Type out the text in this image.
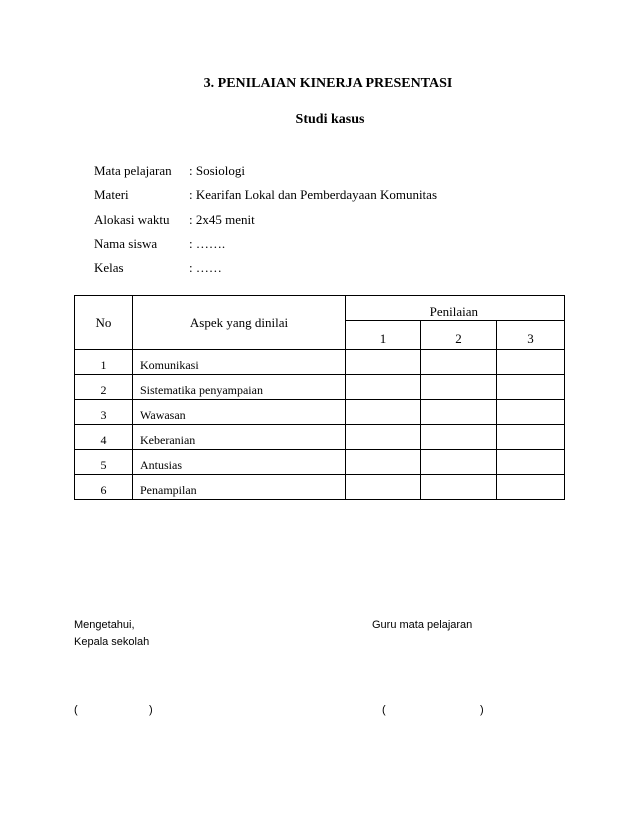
3. PENILAIAN KINERJA PRESENTASI
Studi kasus
Mata pelajaran : Sosiologi
Materi	: Kearifan Lokal dan Pemberdayaan Komunitas
Alokasi waktu : 2x45 menit
Nama siswa : …….
Kelas	: ……
No	Aspek yang dinilai	Penilaian		
		1	2	3
1	Komunikasi			
2	Sistematika penyampaian			
3	Wawasan			
4	Keberanian			
5	Antusias			
6	Penampilan			
Mengetahui,
Kepala sekolah
Guru mata pelajaran
(	)	(	)
